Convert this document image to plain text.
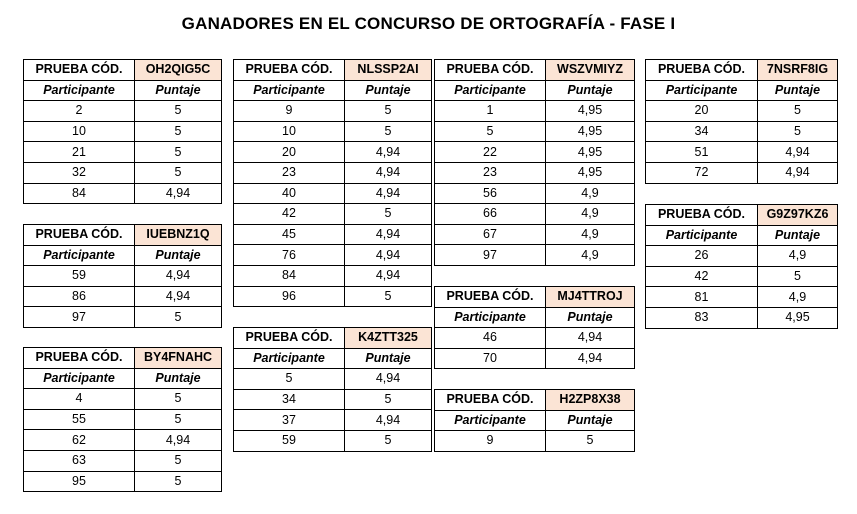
GANADORES EN EL CONCURSO DE ORTOGRAFÍA - FASE I
PRUEBA CÓD.	OH2QIG5C
Participante	Puntaje
2	5
10	5
21	5
32	5
84	4,94
PRUEBA CÓD.	IUEBNZ1Q
Participante	Puntaje
59	4,94
86	4,94
97	5
PRUEBA CÓD.	BY4FNAHC
Participante	Puntaje
4	5
55	5
62	4,94
63	5
95	5
PRUEBA CÓD.	NLSSP2AI
Participante	Puntaje
9	5
10	5
20	4,94
23	4,94
40	4,94
42	5
45	4,94
76	4,94
84	4,94
96	5
PRUEBA CÓD.	K4ZTT325
Participante	Puntaje
5	4,94
34	5
37	4,94
59	5
PRUEBA CÓD.	WSZVMIYZ
Participante	Puntaje
1	4,95
5	4,95
22	4,95
23	4,95
56	4,9
66	4,9
67	4,9
97	4,9
PRUEBA CÓD.	MJ4TTROJ
Participante	Puntaje
46	4,94
70	4,94
PRUEBA CÓD.	H2ZP8X38
Participante	Puntaje
9	5
PRUEBA CÓD.	7NSRF8IG
Participante	Puntaje
20	5
34	5
51	4,94
72	4,94
PRUEBA CÓD.	G9Z97KZ6
Participante	Puntaje
26	4,9
42	5
81	4,9
83	4,95
